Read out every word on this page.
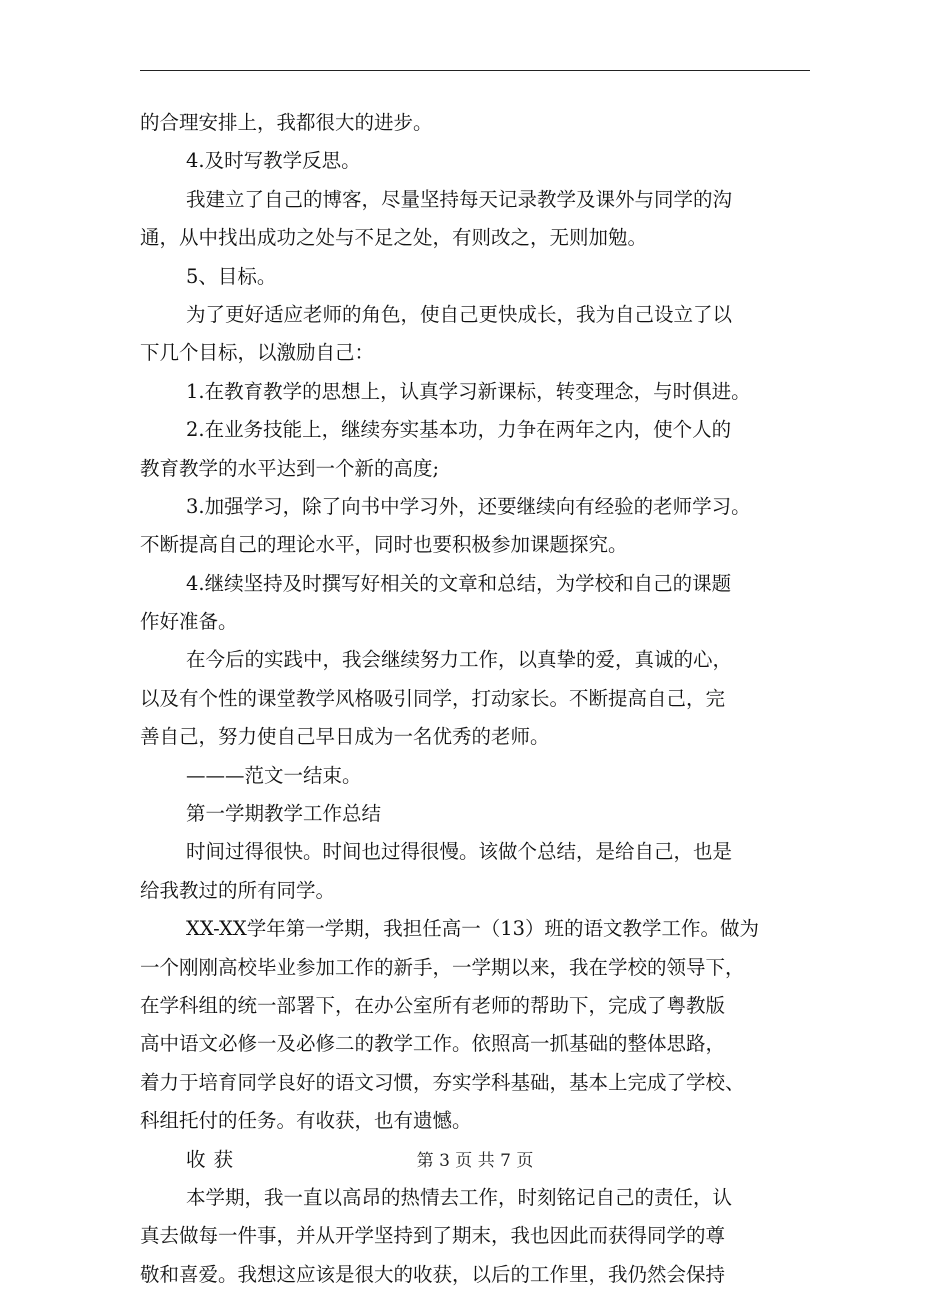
的合理安排上，我都很大的进步。
4.及时写教学反思。
我建立了自己的博客，尽量坚持每天记录教学及课外与同学的沟
通，从中找出成功之处与不足之处，有则改之，无则加勉。
5、目标。
为了更好适应老师的角色，使自己更快成长，我为自己设立了以
下几个目标，以激励自己：
1.在教育教学的思想上，认真学习新课标，转变理念，与时俱进。
2.在业务技能上，继续夯实基本功，力争在两年之内，使个人的
教育教学的水平达到一个新的高度;
3.加强学习，除了向书中学习外，还要继续向有经验的老师学习。
不断提高自己的理论水平，同时也要积极参加课题探究。
4.继续坚持及时撰写好相关的文章和总结，为学校和自己的课题
作好准备。
在今后的实践中，我会继续努力工作，以真挚的爱，真诚的心，
以及有个性的课堂教学风格吸引同学，打动家长。不断提高自己，完
善自己，努力使自己早日成为一名优秀的老师。
———范文一结束。
第一学期教学工作总结
时间过得很快。时间也过得很慢。该做个总结，是给自己，也是
给我教过的所有同学。
XX-XX学年第一学期，我担任高一（13）班的语文教学工作。做为
一个刚刚高校毕业参加工作的新手，一学期以来，我在学校的领导下，
在学科组的统一部署下，在办公室所有老师的帮助下，完成了粤教版
高中语文必修一及必修二的教学工作。依照高一抓基础的整体思路，
着力于培育同学良好的语文习惯，夯实学科基础，基本上完成了学校、
科组托付的任务。有收获，也有遗憾。
收获
本学期，我一直以高昂的热情去工作，时刻铭记自己的责任，认
真去做每一件事，并从开学坚持到了期末，我也因此而获得同学的尊
敬和喜爱。我想这应该是很大的收获，以后的工作里，我仍然会保持
第 3 页 共 7 页
